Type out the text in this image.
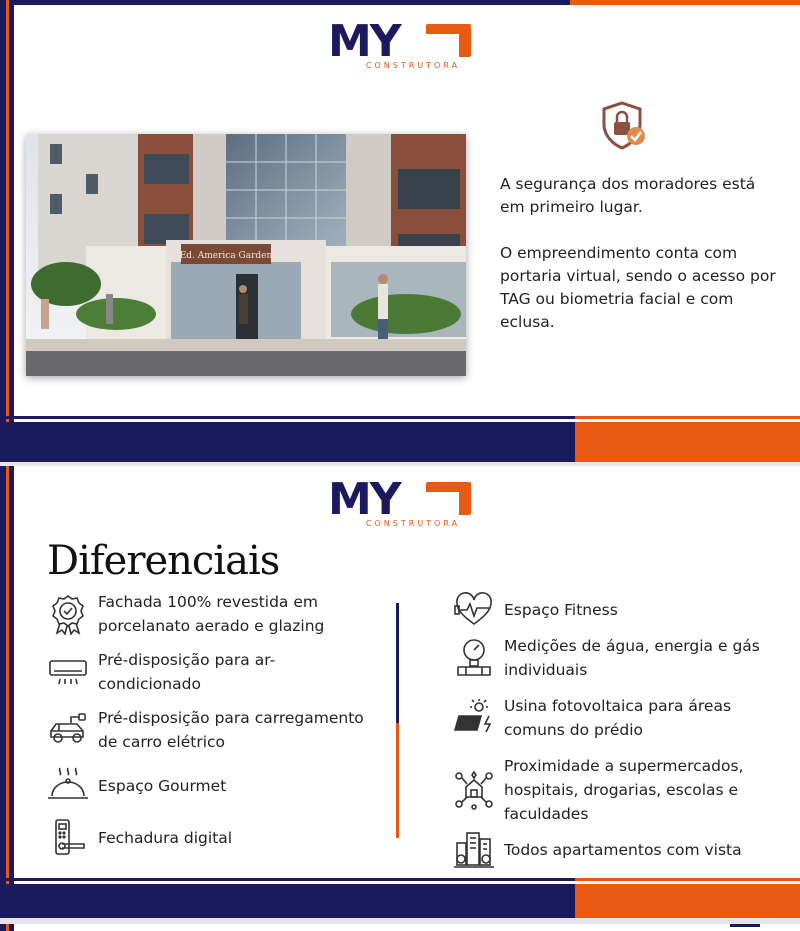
MY
CONSTRUTORA
Ed. America Garden

A segurança dos moradores está em primeiro lugar.

O empreendimento conta com portaria virtual, sendo o acesso por TAG ou biometria facial e com eclusa.

MY
CONSTRUTORA
Diferenciais
Fachada 100% revestida em porcelanato aerado e glazing
Pré-disposição para ar-condicionado
Pré-disposição para carregamento de carro elétrico
Espaço Gourmet
Fechadura digital
Espaço Fitness
Medições de água, energia e gás individuais
Usina fotovoltaica para áreas comuns do prédio
Proximidade a supermercados, hospitais, drogarias, escolas e faculdades
Todos apartamentos com vista
